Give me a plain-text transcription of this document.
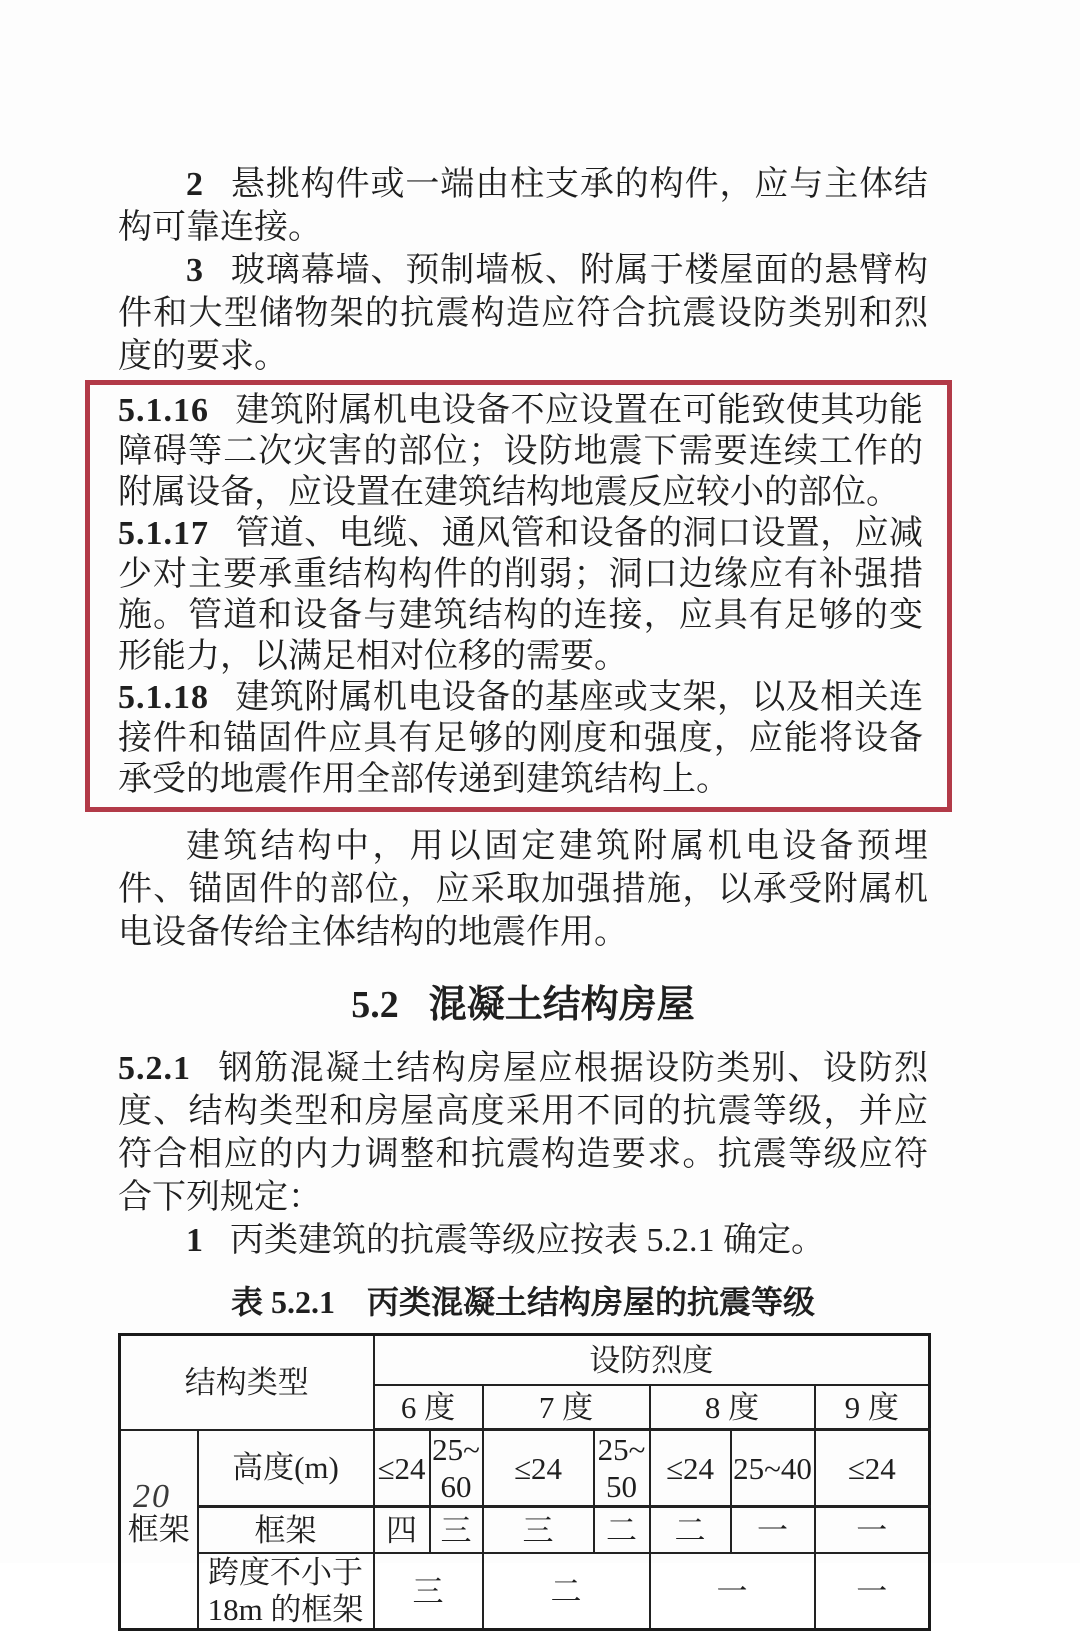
2 悬挑构件或一端由柱支承的构件，应与主体结构可靠连接。

3 玻璃幕墙、预制墙板、附属于楼屋面的悬臂构件和大型储物架的抗震构造应符合抗震设防类别和烈度的要求。

5.1.16 建筑附属机电设备不应设置在可能致使其功能障碍等二次灾害的部位；设防地震下需要连续工作的附属设备，应设置在建筑结构地震反应较小的部位。

5.1.17 管道、电缆、通风管和设备的洞口设置，应减少对主要承重结构构件的削弱；洞口边缘应有补强措施。管道和设备与建筑结构的连接，应具有足够的变形能力，以满足相对位移的需要。

5.1.18 建筑附属机电设备的基座或支架，以及相关连接件和锚固件应具有足够的刚度和强度，应能将设备承受的地震作用全部传递到建筑结构上。

建筑结构中，用以固定建筑附属机电设备预埋件、锚固件的部位，应采取加强措施，以承受附属机电设备传给主体结构的地震作用。

5.2 混凝土结构房屋

5.2.1 钢筋混凝土结构房屋应根据设防类别、设防烈度、结构类型和房屋高度采用不同的抗震等级，并应符合相应的内力调整和抗震构造要求。抗震等级应符合下列规定：

1 丙类建筑的抗震等级应按表 5.2.1 确定。

表 5.2.1　丙类混凝土结构房屋的抗震等级
结构类型		设防烈度						
		6 度		7 度		8 度		9 度
框架	高度(m)	≤24	25~60	≤24	25~50	≤24	25~40	≤24
	框架	四	三	三	二	二	一	一
	跨度不小于 18m 的框架	三		二		一		一
20
